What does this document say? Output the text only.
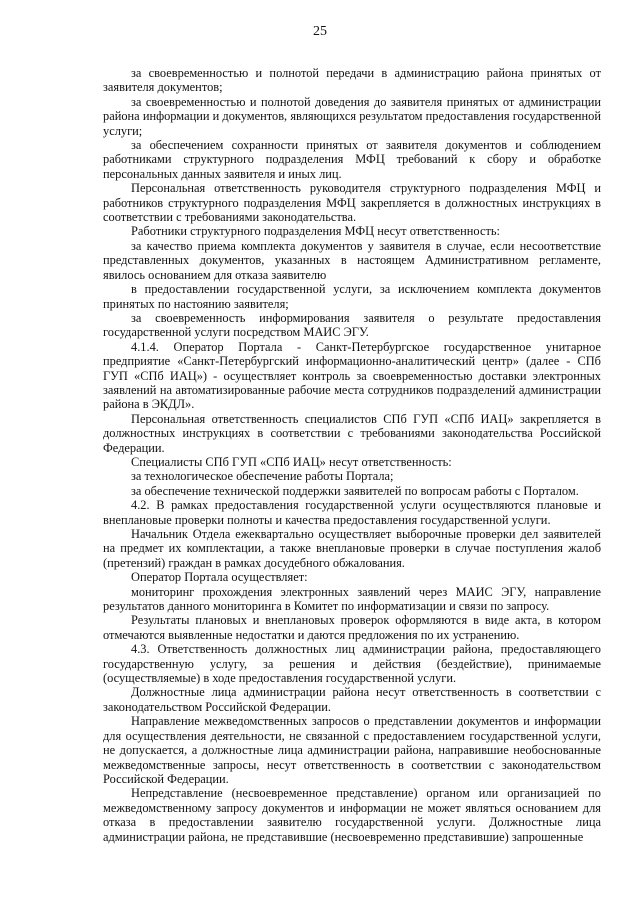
25

за своевременностью и полнотой передачи в администрацию района принятых от заявителя документов;

за своевременностью и полнотой доведения до заявителя принятых от администрации района информации и документов, являющихся результатом предоставления государственной услуги;

за обеспечением сохранности принятых от заявителя документов и соблюдением работниками структурного подразделения МФЦ требований к сбору и обработке персональных данных заявителя и иных лиц.

Персональная ответственность руководителя структурного подразделения МФЦ и работников структурного подразделения МФЦ закрепляется в должностных инструкциях в соответствии с требованиями законодательства.

Работники структурного подразделения МФЦ несут ответственность:

за качество приема комплекта документов у заявителя в случае, если несоответствие представленных документов, указанных в настоящем Административном регламенте, явилось основанием для отказа заявителю

в предоставлении государственной услуги, за исключением комплекта документов принятых по настоянию заявителя;

за своевременность информирования заявителя о результате предоставления государственной услуги посредством МАИС ЭГУ.

4.1.4. Оператор Портала - Санкт-Петербургское государственное унитарное предприятие «Санкт-Петербургский информационно-аналитический центр» (далее - СПб ГУП «СПб ИАЦ») - осуществляет контроль за своевременностью доставки электронных заявлений на автоматизированные рабочие места сотрудников подразделений администрации района в ЭКДЛ».

Персональная ответственность специалистов СПб ГУП «СПб ИАЦ» закрепляется в должностных инструкциях в соответствии с требованиями законодательства Российской Федерации.

Специалисты СПб ГУП «СПб ИАЦ» несут ответственность:

за технологическое обеспечение работы Портала;

за обеспечение технической поддержки заявителей по вопросам работы с Порталом.

4.2. В рамках предоставления государственной услуги осуществляются плановые и внеплановые проверки полноты и качества предоставления государственной услуги.

Начальник Отдела ежеквартально осуществляет выборочные проверки дел заявителей на предмет их комплектации, а также внеплановые проверки в случае поступления жалоб (претензий) граждан в рамках досудебного обжалования.

Оператор Портала осуществляет:

мониторинг прохождения электронных заявлений через МАИС ЭГУ, направление результатов данного мониторинга в Комитет по информатизации и связи по запросу.

Результаты плановых и внеплановых проверок оформляются в виде акта, в котором отмечаются выявленные недостатки и даются предложения по их устранению.

4.3. Ответственность должностных лиц администрации района, предоставляющего государственную услугу, за решения и действия (бездействие), принимаемые (осуществляемые) в ходе предоставления государственной услуги.

Должностные лица администрации района несут ответственность в соответствии с законодательством Российской Федерации.

Направление межведомственных запросов о представлении документов и информации для осуществления деятельности, не связанной с предоставлением государственной услуги, не допускается, а должностные лица администрации района, направившие необоснованные межведомственные запросы, несут ответственность в соответствии с законодательством Российской Федерации.

Непредставление (несвоевременное представление) органом или организацией по межведомственному запросу документов и информации не может являться основанием для отказа в предоставлении заявителю государственной услуги. Должностные лица администрации района, не представившие (несвоевременно представившие) запрошенные
